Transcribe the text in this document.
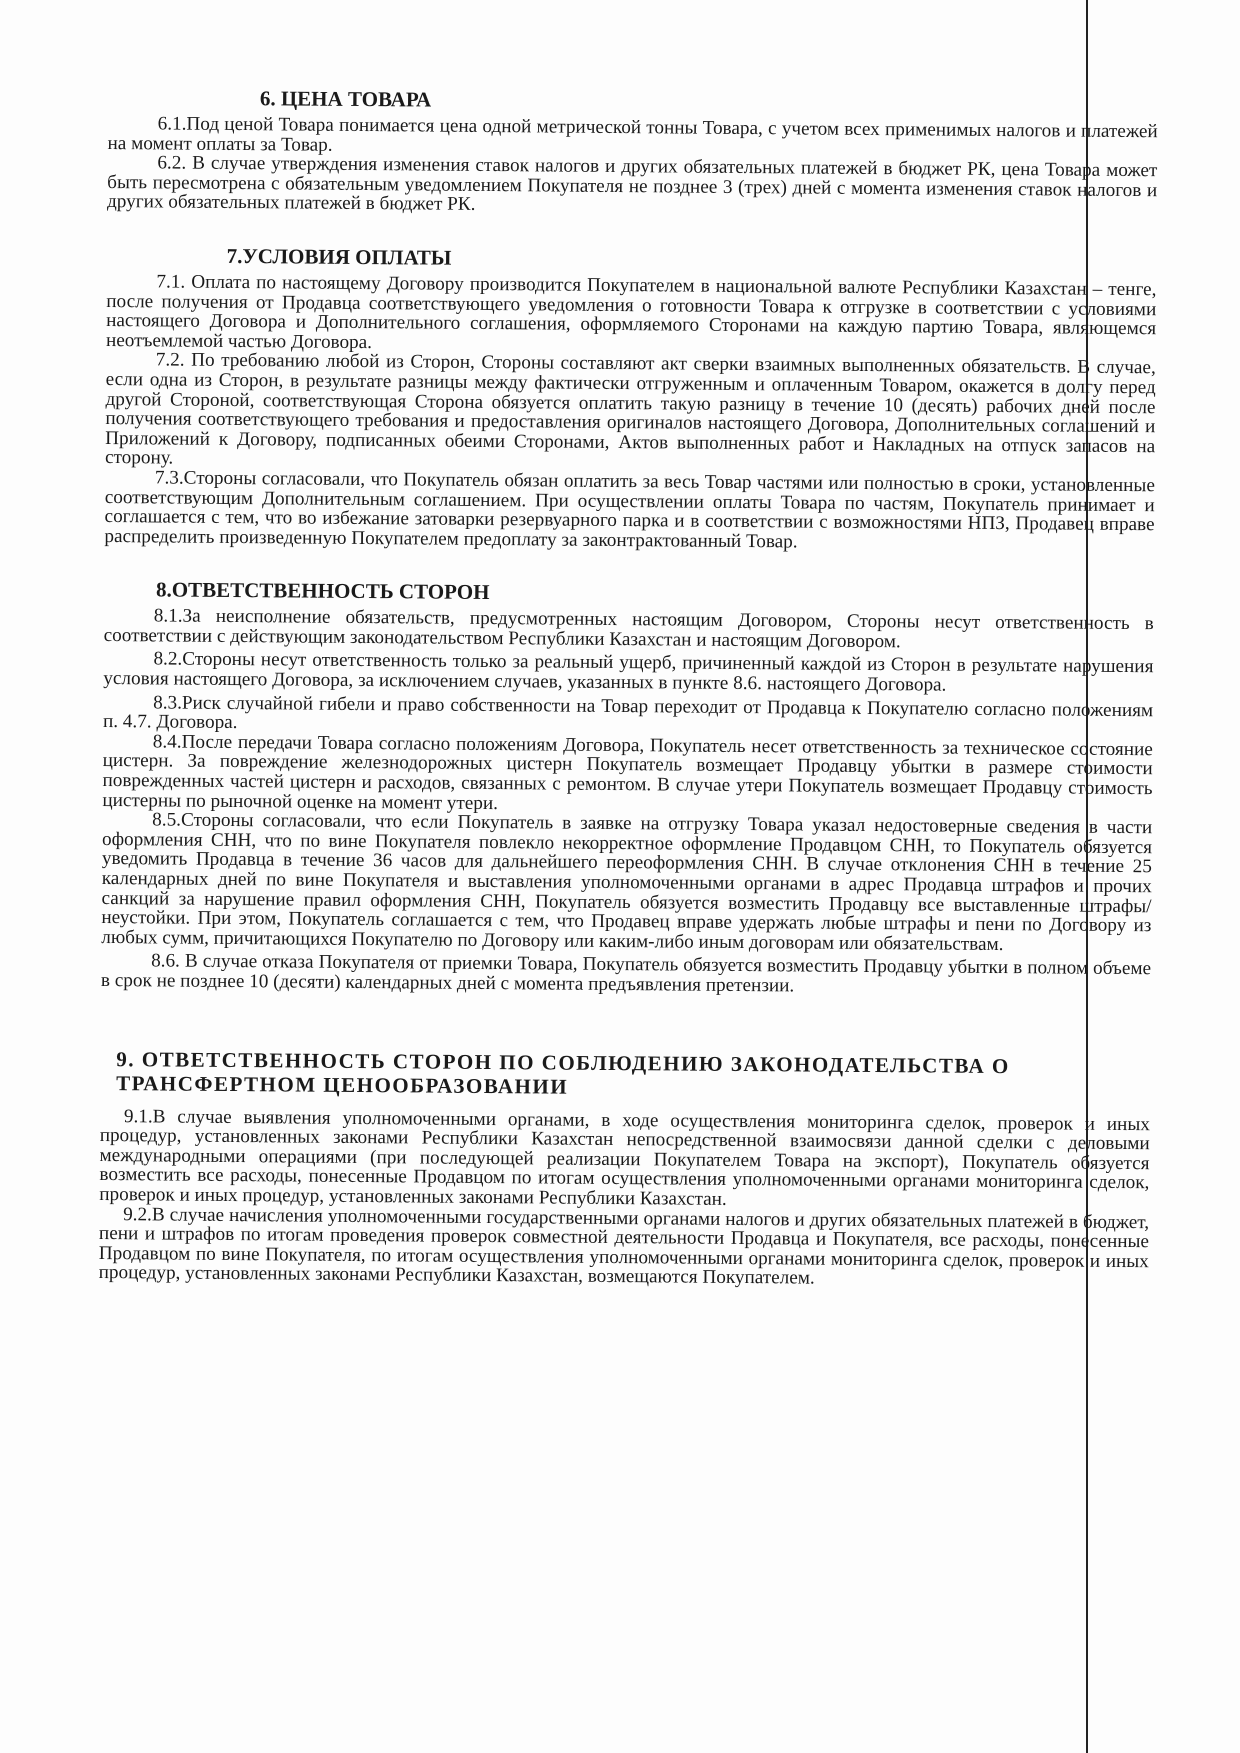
6. ЦЕНА ТОВАРА

6.1.Под ценой Товара понимается цена одной метрической тонны Товара, с учетом всех применимых налогов и платежей на момент оплаты за Товар.

6.2. В случае утверждения изменения ставок налогов и других обязательных платежей в бюджет РК, цена Товара может быть пересмотрена с обязательным уведомлением Покупателя не позднее 3 (трех) дней с момента изменения ставок налогов и других обязательных платежей в бюджет РК.

7.УСЛОВИЯ ОПЛАТЫ

7.1. Оплата по настоящему Договору производится Покупателем в национальной валюте Республики Казахстан – тенге, после получения от Продавца соответствующего уведомления о готовности Товара к отгрузке в соответствии с условиями настоящего Договора и Дополнительного соглашения, оформляемого Сторонами на каждую партию Товара, являющемся неотъемлемой частью Договора.

7.2. По требованию любой из Сторон, Стороны составляют акт сверки взаимных выполненных обязательств. В случае, если одна из Сторон, в результате разницы между фактически отгруженным и оплаченным Товаром, окажется в долгу перед другой Стороной, соответствующая Сторона обязуется оплатить такую разницу в течение 10 (десять) рабочих дней после получения соответствующего требования и предоставления оригиналов настоящего Договора, Дополнительных соглашений и Приложений к Договору, подписанных обеими Сторонами, Актов выполненных работ и Накладных на отпуск запасов на сторону.

7.3.Стороны согласовали, что Покупатель обязан оплатить за весь Товар частями или полностью в сроки, установленные соответствующим Дополнительным соглашением. При осуществлении оплаты Товара по частям, Покупатель принимает и соглашается с тем, что во избежание затоварки резервуарного парка и в соответствии с возможностями НПЗ, Продавец вправе распределить произведенную Покупателем предоплату за законтрактованный Товар.

8.ОТВЕТСТВЕННОСТЬ СТОРОН

8.1.За неисполнение обязательств, предусмотренных настоящим Договором, Стороны несут ответственность в соответствии с действующим законодательством Республики Казахстан и настоящим Договором.

8.2.Стороны несут ответственность только за реальный ущерб, причиненный каждой из Сторон в результате нарушения условия настоящего Договора, за исключением случаев, указанных в пункте 8.6. настоящего Договора.

8.3.Риск случайной гибели и право собственности на Товар переходит от Продавца к Покупателю согласно положениям п. 4.7. Договора.

8.4.После передачи Товара согласно положениям Договора, Покупатель несет ответственность за техническое состояние цистерн. За повреждение железнодорожных цистерн Покупатель возмещает Продавцу убытки в размере стоимости поврежденных частей цистерн и расходов, связанных с ремонтом. В случае утери Покупатель возмещает Продавцу стоимость цистерны по рыночной оценке на момент утери.

8.5.Стороны согласовали, что если Покупатель в заявке на отгрузку Товара указал недостоверные сведения в части оформления СНН, что по вине Покупателя повлекло некорректное оформление Продавцом СНН, то Покупатель обязуется уведомить Продавца в течение 36 часов для дальнейшего переоформления СНН. В случае отклонения СНН в течение 25 календарных дней по вине Покупателя и выставления уполномоченными органами в адрес Продавца штрафов и прочих санкций за нарушение правил оформления СНН, Покупатель обязуется возместить Продавцу все выставленные штрафы/неустойки. При этом, Покупатель соглашается с тем, что Продавец вправе удержать любые штрафы и пени по Договору из любых сумм, причитающихся Покупателю по Договору или каким-либо иным договорам или обязательствам.

8.6. В случае отказа Покупателя от приемки Товара, Покупатель обязуется возместить Продавцу убытки в полном объеме в срок не позднее 10 (десяти) календарных дней с момента предъявления претензии.

9. ОТВЕТСТВЕННОСТЬ СТОРОН ПО СОБЛЮДЕНИЮ ЗАКОНОДАТЕЛЬСТВА О ТРАНСФЕРТНОМ ЦЕНООБРАЗОВАНИИ

9.1.В случае выявления уполномоченными органами, в ходе осуществления мониторинга сделок, проверок и иных процедур, установленных законами Республики Казахстан непосредственной взаимосвязи данной сделки с деловыми международными операциями (при последующей реализации Покупателем Товара на экспорт), Покупатель обязуется возместить все расходы, понесенные Продавцом по итогам осуществления уполномоченными органами мониторинга сделок, проверок и иных процедур, установленных законами Республики Казахстан.

9.2.В случае начисления уполномоченными государственными органами налогов и других обязательных платежей в бюджет, пени и штрафов по итогам проведения проверок совместной деятельности Продавца и Покупателя, все расходы, понесенные Продавцом по вине Покупателя, по итогам осуществления уполномоченными органами мониторинга сделок, проверок и иных процедур, установленных законами Республики Казахстан, возмещаются Покупателем.
